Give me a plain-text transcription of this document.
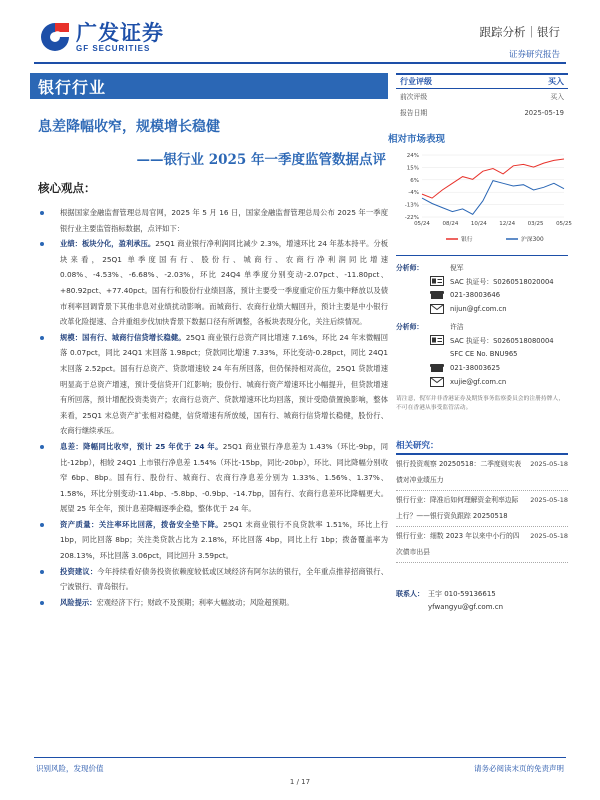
广发证券
GF SECURITIES
跟踪分析｜银行
证券研究报告
银行行业
息差降幅收窄，规模增长稳健
——银行业 2025 年一季度监管数据点评
核心观点：
根据国家金融监督管理总局官网，2025 年 5 月 16 日，国家金融监督管理总局公布 2025 年一季度银行业主要监管指标数据，点评如下：
业绩：板块分化，盈利承压。25Q1 商业银行净利润同比减少 2.3%，增速环比 24 年基本持平。分板块来看，25Q1 单季度国有行、股份行、城商行、农商行净利润同比增速 0.08%、-4.53%、-6.68%、-2.03%，环比 24Q4 单季度分别变动-2.07pct、-11.80pct、+80.92pct、+77.40pct。国有行和股份行业绩回落，预计主要受一季度重定价压力集中释放以及债市利率回调背景下其他非息对业绩扰动影响。而城商行、农商行业绩大幅回升，预计主要是中小银行改革化险提速、合并重组步伐加快背景下数据口径有所调整，各板块表现分化，关注后续情况。
规模：国有行、城商行信贷增长稳健。25Q1 商业银行总资产同比增速 7.16%，环比 24 年末微幅回落 0.07pct，同比 24Q1 末回落 1.98pct；贷款同比增速 7.33%，环比变动-0.28pct，同比 24Q1 末回落 2.52pct。国有行总资产、贷款增速较 24 年有所回落，但仍保持相对高位，25Q1 贷款增速明显高于总资产增速，预计受信贷开门红影响；股份行、城商行资产增速环比小幅提升，但贷款增速有所回落，预计增配投资类资产；农商行总资产、贷款增速环比均回落，预计受隐债置换影响，整体来看，25Q1 末总资产扩张相对稳健，信贷增速有所放缓，国有行、城商行信贷增长稳健，股份行、农商行继续承压。
息差：降幅同比收窄，预计 25 年优于 24 年。25Q1 商业银行净息差为 1.43%（环比-9bp，同比-12bp），相较 24Q1 上市银行净息差 1.54%（环比-15bp，同比-20bp），环比、同比降幅分别收窄 6bp、8bp。国有行、股份行、城商行、农商行净息差分别为 1.33%、1.56%、1.37%、1.58%，环比分别变动-11.4bp、-5.8bp、-0.9bp、-14.7bp，国有行、农商行息差环比降幅更大。展望 25 年全年，预计息差降幅逐季企稳，整体优于 24 年。
资产质量：关注率环比回落，拨备安全垫下降。25Q1 末商业银行不良贷款率 1.51%，环比上行 1bp，同比回落 8bp；关注类贷款占比为 2.18%，环比回落 4bp，同比上行 1bp；拨备覆盖率为 208.13%，环比回落 3.06pct，同比回升 3.59pct。
投资建议：今年持续看好债务投资依赖度较低或区域经济有阿尔法的银行，全年重点推荐招商银行、宁波银行、青岛银行。
风险提示：宏观经济下行；财政不及预期；利率大幅波动；风险超预期。
行业评级	买入
前次评级	买入
报告日期	2025-05-19
相对市场表现
24%
15%
6%
-4%
-13%
-22%
05/24 08/24 10/24 12/24 03/25 05/25
银行	沪深300
分析师：	倪军
SAC 执证号：S0260518020004
021-38003646
nijun@gf.com.cn
分析师：	许洁
SAC 执证号：S0260518080004
SFC CE No. BNU965
021-38003625
xujie@gf.com.cn
请注意，倪军并非香港证券及期货事务监察委员会的注册持牌人，不可在香港从事受监管活动。
相关研究：
银行投资观察 20250518：二季度则实表债对冲业绩压力
2025-05-18
银行行业：降准后如何理解资金利率边际上行？——银行资负跟踪 20250518
2025-05-18
银行行业：细数 2023 年以来中小行的四次债市出县
2025-05-18
联系人： 王宇 010-59136615
yfwangyu@gf.com.cn
识别风险，发现价值	请务必阅读末页的免责声明
1 / 17
